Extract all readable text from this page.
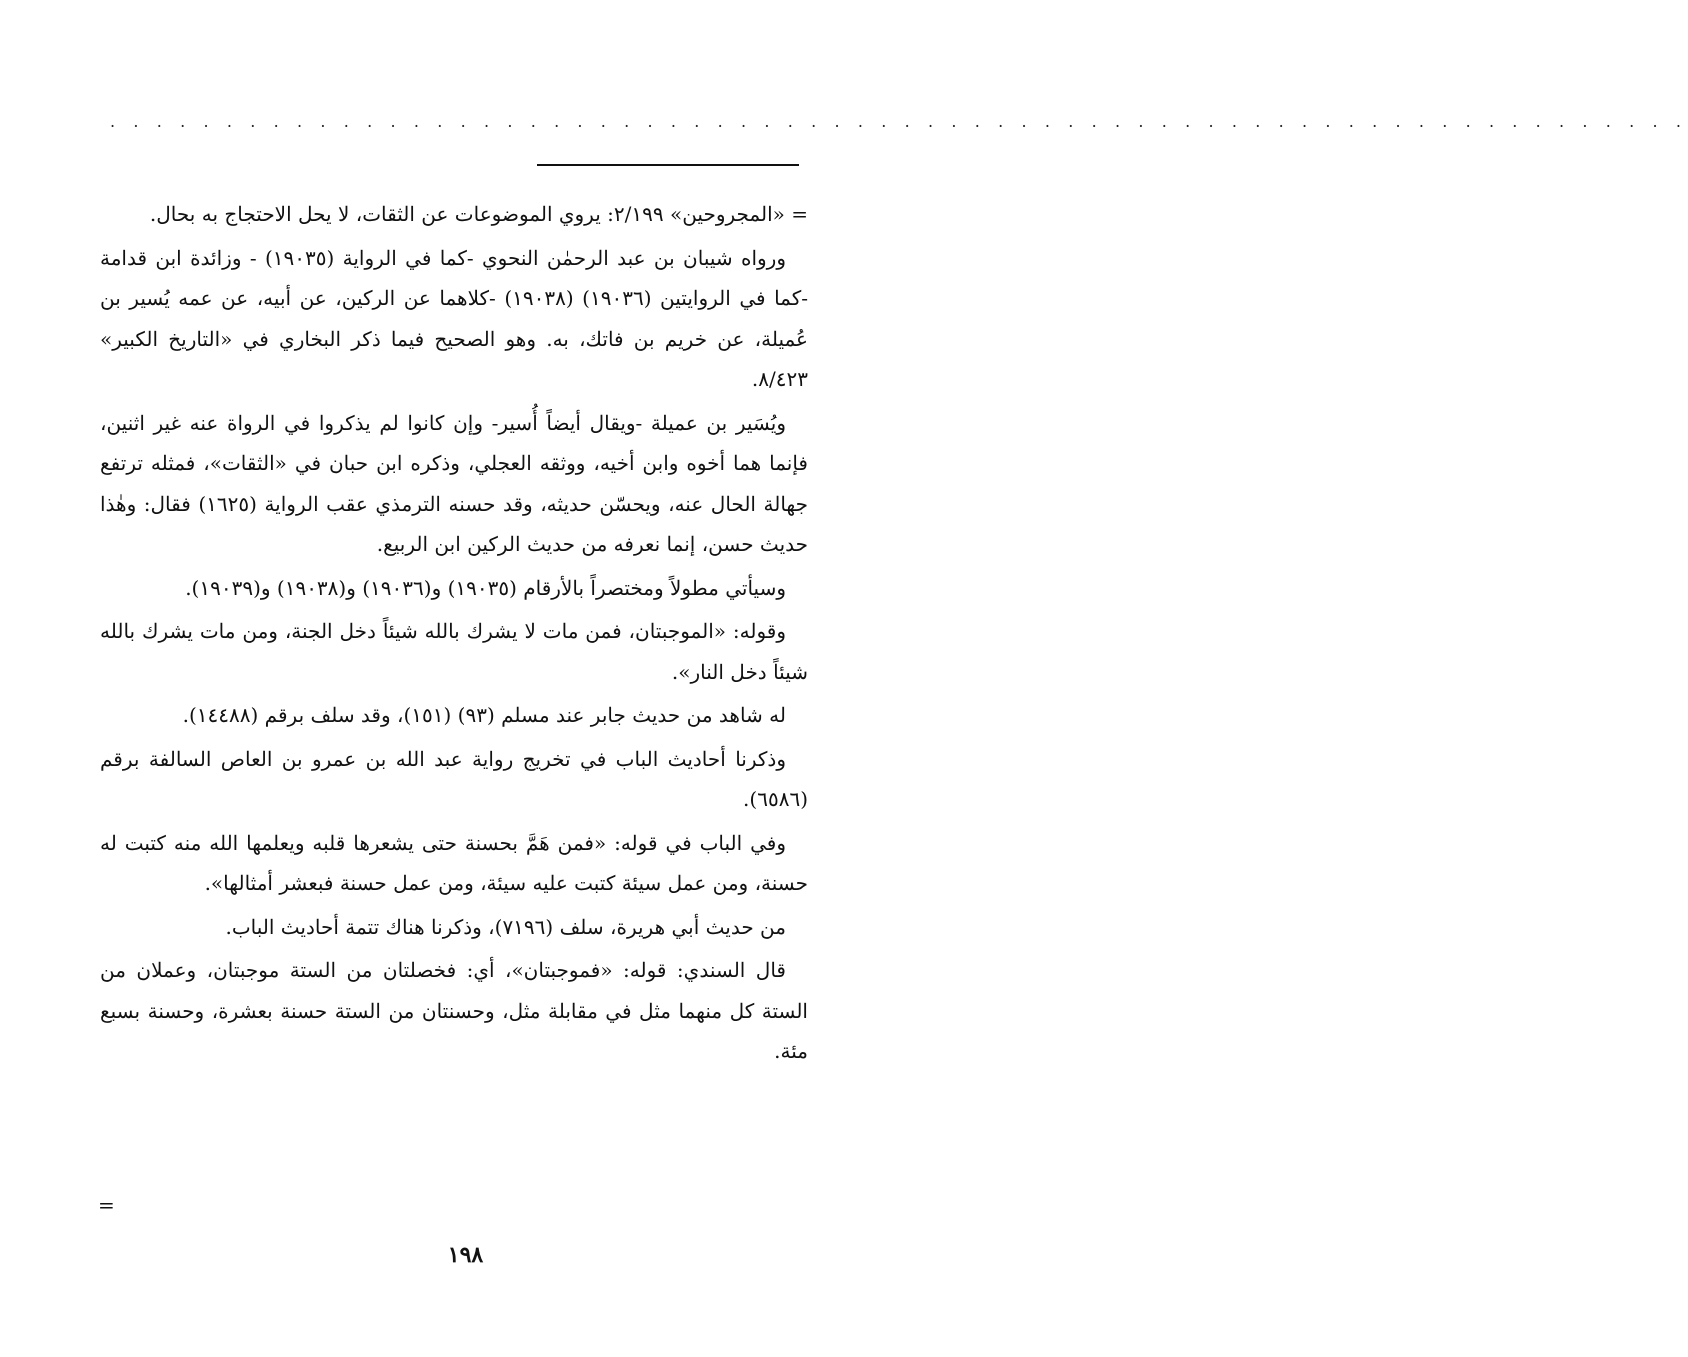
. . . . . . . . . . . . . . . . . . . . . . . . . . . . . . . . . . . . . . . . . . . . . . . . . . . . . . . . . . . . . . . . . . . .

= «المجروحين» ٢/١٩٩: يروي الموضوعات عن الثقات، لا يحل الاحتجاج به بحال.

ورواه شيبان بن عبد الرحمٰن النحوي -كما في الرواية (١٩٠٣٥) - وزائدة ابن قدامة -كما في الروايتين (١٩٠٣٦) (١٩٠٣٨) -كلاهما عن الركين، عن أبيه، عن عمه يُسير بن عُميلة، عن خريم بن فاتك، به. وهو الصحيح فيما ذكر البخاري في «التاريخ الكبير» ٨/٤٢٣.

ويُسَير بن عميلة -ويقال أيضاً أُسير- وإن كانوا لم يذكروا في الرواة عنه غير اثنين، فإنما هما أخوه وابن أخيه، ووثقه العجلي، وذكره ابن حبان في «الثقات»، فمثله ترتفع جهالة الحال عنه، ويحسّن حديثه، وقد حسنه الترمذي عقب الرواية (١٦٢٥) فقال: وهٰذا حديث حسن، إنما نعرفه من حديث الركين ابن الربيع.

وسيأتي مطولاً ومختصراً بالأرقام (١٩٠٣٥) و(١٩٠٣٦) و(١٩٠٣٨) و(١٩٠٣٩).

وقوله: «الموجبتان، فمن مات لا يشرك بالله شيئاً دخل الجنة، ومن مات يشرك بالله شيئاً دخل النار».

له شاهد من حديث جابر عند مسلم (٩٣) (١٥١)، وقد سلف برقم (١٤٤٨٨).

وذكرنا أحاديث الباب في تخريج رواية عبد الله بن عمرو بن العاص السالفة برقم (٦٥٨٦).

وفي الباب في قوله: «فمن هَمَّ بحسنة حتى يشعرها قلبه ويعلمها الله منه كتبت له حسنة، ومن عمل سيئة كتبت عليه سيئة، ومن عمل حسنة فبعشر أمثالها».

من حديث أبي هريرة، سلف (٧١٩٦)، وذكرنا هناك تتمة أحاديث الباب.

قال السندي: قوله: «فموجبتان»، أي: فخصلتان من الستة موجبتان، وعملان من الستة كل منهما مثل في مقابلة مثل، وحسنتان من الستة حسنة بعشرة، وحسنة بسبع مئة.

=
١٩٨
